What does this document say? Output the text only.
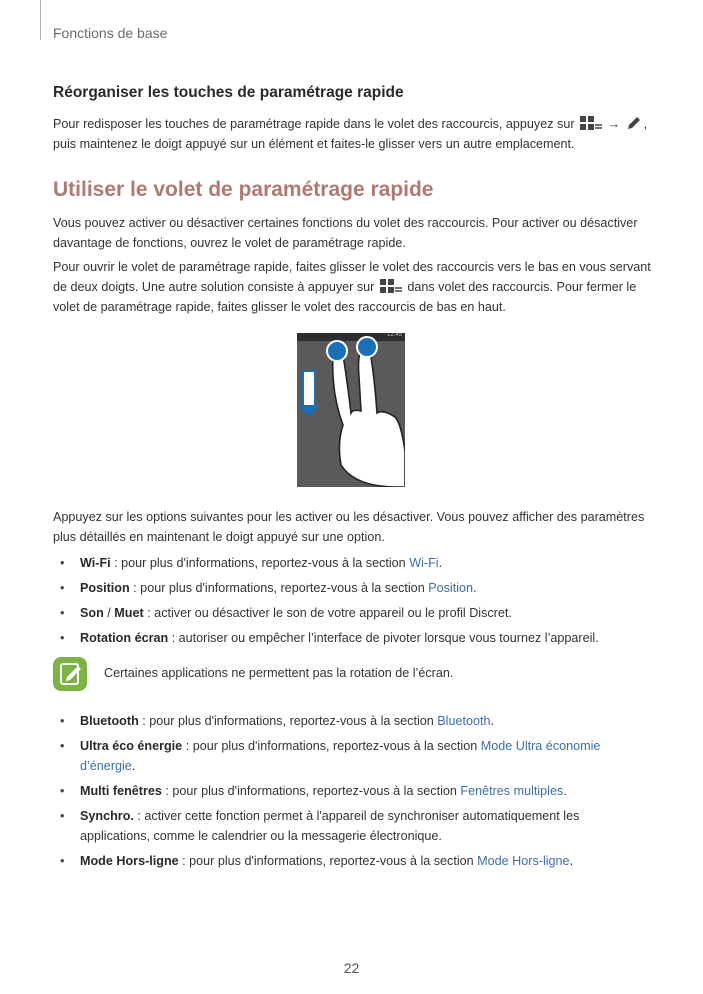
Fonctions de base
Réorganiser les touches de paramétrage rapide
Pour redisposer les touches de paramétrage rapide dans le volet des raccourcis, appuyez sur	→ , puis maintenez le doigt appuyé sur un élément et faites-le glisser vers un autre emplacement.
Utiliser le volet de paramétrage rapide
Vous pouvez activer ou désactiver certaines fonctions du volet des raccourcis. Pour activer ou désactiver davantage de fonctions, ouvrez le volet de paramétrage rapide.
Pour ouvrir le volet de paramétrage rapide, faites glisser le volet des raccourcis vers le bas en vous servant de deux doigts. Une autre solution consiste à appuyer sur	dans volet des raccourcis. Pour fermer le volet de paramétrage rapide, faites glisser le volet des raccourcis de bas en haut.
12:45
Appuyez sur les options suivantes pour les activer ou les désactiver. Vous pouvez afficher des paramètres plus détaillés en maintenant le doigt appuyé sur une option.
• Wi-Fi : pour plus d'informations, reportez-vous à la section Wi-Fi.
• Position : pour plus d'informations, reportez-vous à la section Position.
• Son / Muet : activer ou désactiver le son de votre appareil ou le profil Discret.
• Rotation écran : autoriser ou empêcher l’interface de pivoter lorsque vous tournez l’appareil.
Certaines applications ne permettent pas la rotation de l’écran.
• Bluetooth : pour plus d'informations, reportez-vous à la section Bluetooth.
• Ultra éco énergie : pour plus d'informations, reportez-vous à la section Mode Ultra économie d’énergie.
• Multi fenêtres : pour plus d'informations, reportez-vous à la section Fenêtres multiples.
• Synchro. : activer cette fonction permet à l'appareil de synchroniser automatiquement les applications, comme le calendrier ou la messagerie électronique.
• Mode Hors-ligne : pour plus d'informations, reportez-vous à la section Mode Hors-ligne.
22
